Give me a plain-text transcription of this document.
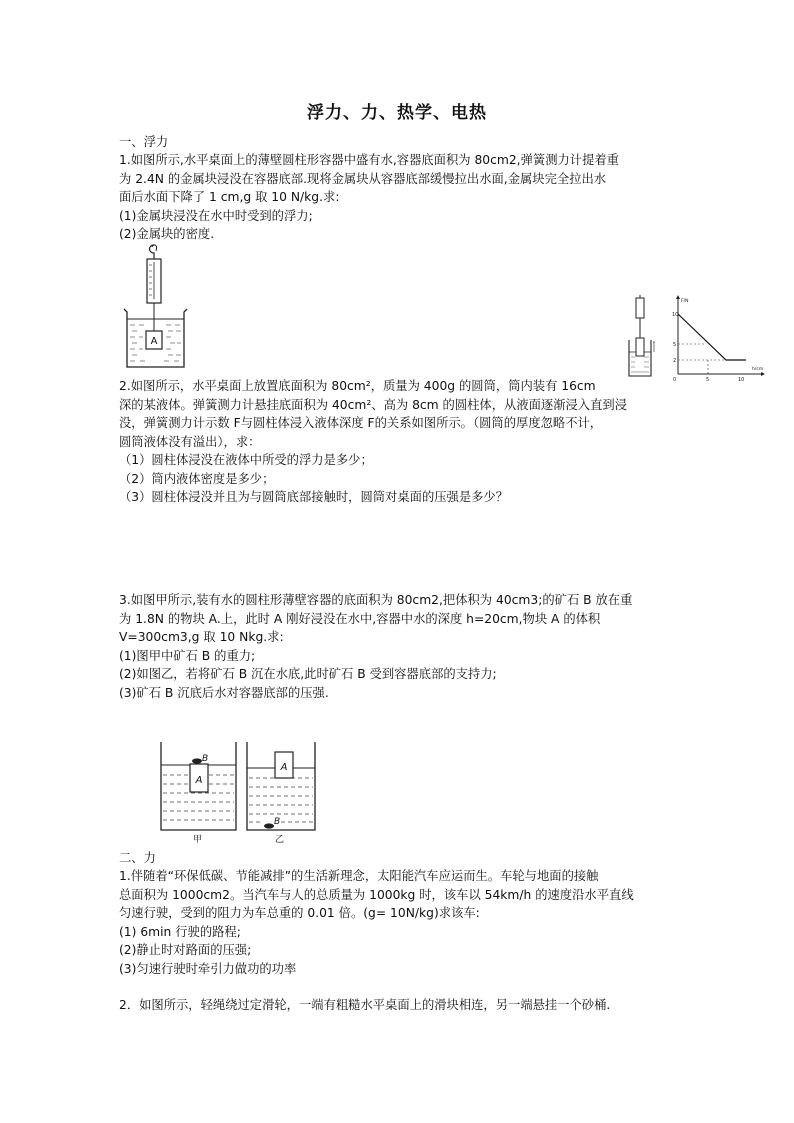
浮力、力、热学、电热
一、浮力
1.如图所示,水平桌面上的薄壁圆柱形容器中盛有水,容器底面积为 80cm2,弹簧测力计提着重
为 2.4N 的金属块浸没在容器底部.现将金属块从容器底部缓慢拉出水面,金属块完全拉出水
面后水面下降了 1 cm,g 取 10 N/kg.求:
(1)金属块浸没在水中时受到的浮力;
(2)金属块的密度.
A
F/N
h/cm
10
5
2
5	10
0
2.如图所示，水平桌面上放置底面积为 80cm²，质量为 400g 的圆筒，筒内装有 16cm
深的某液体。弹簧测力计悬挂底面积为 40cm²、高为 8cm 的圆柱体，从液面逐渐浸入直到浸
没，弹簧测力计示数 F与圆柱体浸入液体深度 F的关系如图所示。（圆筒的厚度忽略不计，
圆筒液体没有溢出），求：
（1）圆柱体浸没在液体中所受的浮力是多少；
（2）筒内液体密度是多少；
（3）圆柱体浸没并且为与圆筒底部接触时，圆筒对桌面的压强是多少？
3.如图甲所示,装有水的圆柱形薄壁容器的底面积为 80cm2,把体积为 40cm3;的矿石 B 放在重
为 1.8N 的物块 A.上，此时 A 刚好浸没在水中,容器中水的深度 h=20cm,物块 A 的体积
V=300cm3,g 取 10 Nkg.求:
(1)图甲中矿石 B 的重力;
(2)如图乙，若将矿石 B 沉在水底,此时矿石 B 受到容器底部的支持力;
(3)矿石 B 沉底后水对容器底部的压强.
A
B
甲
A
B
乙
二、力
1.伴随着“环保低碳、节能减排”的生活新理念，太阳能汽车应运而生。车轮与地面的接触
总面积为 1000cm2。当汽车与人的总质量为 1000kg 时，该车以 54km/h 的速度沿水平直线
匀速行驶，受到的阻力为车总重的 0.01 倍。(g= 10N/kg)求该车:
(1) 6min 行驶的路程;
(2)静止时对路面的压强;
(3)匀速行驶时牵引力做功的功率
2．如图所示，轻绳绕过定滑轮，一端有粗糙水平桌面上的滑块相连，另一端悬挂一个砂桶.
